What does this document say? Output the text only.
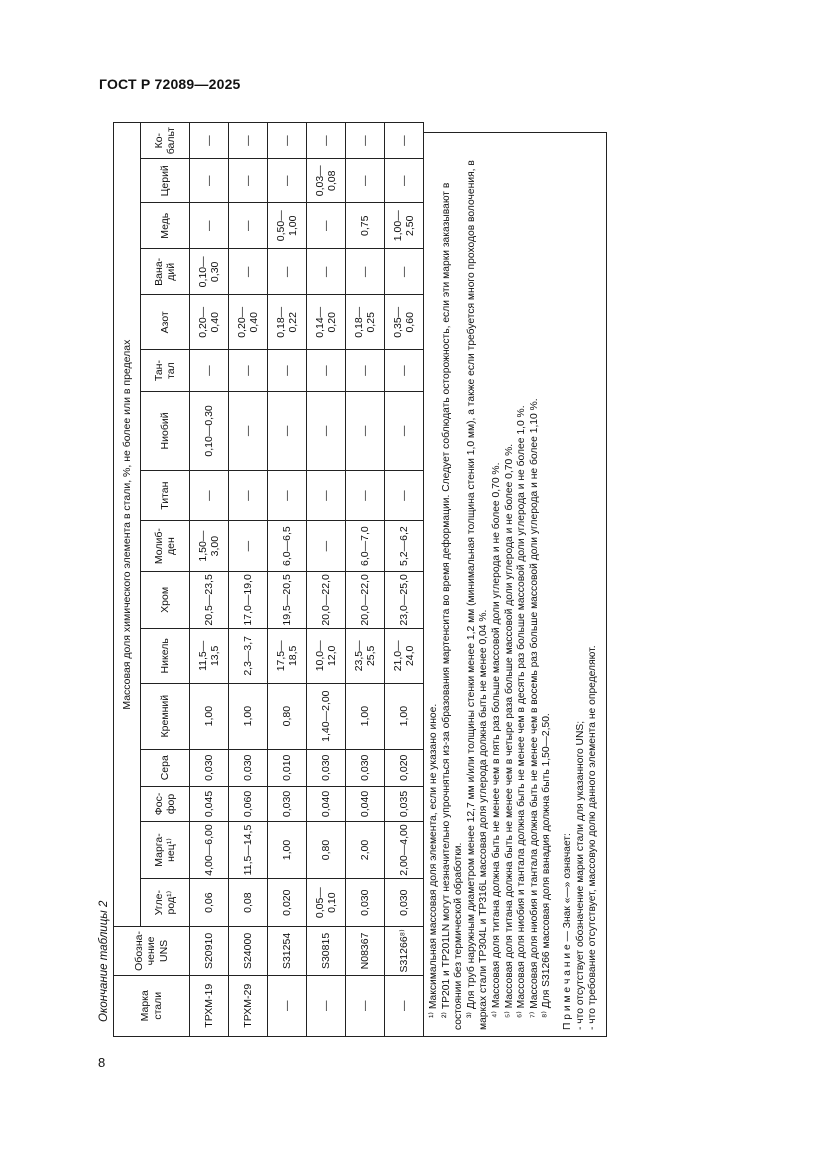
ГОСТ Р 72089—2025
Окончание таблицы 2
8
Марка стали	Обозна-чение UNS	Массовая доля химического элемента в стали, %, не более или в пределах															
		Угле-род¹⁾	Марга-нец¹⁾	Фос-фор	Сера	Кремний	Никель	Хром	Молиб-ден	Титан	Ниобий	Тан-тал	Азот	Вана-дий	Медь	Церий	Ко-бальт
ТРХМ-19	S20910	0,06	4,00—6,00	0,045	0,030	1,00	11,5—13,5	20,5—23,5	1,50—3,00	—	0,10—0,30	—	0,20—0,40	0,10—0,30	—	—	—
ТРХМ-29	S24000	0,08	11,5—14,5	0,060	0,030	1,00	2,3—3,7	17,0—19,0	—	—	—	—	0,20—0,40	—	—	—	—
—	S31254	0,020	1,00	0,030	0,010	0,80	17,5—18,5	19,5—20,5	6,0—6,5	—	—	—	0,18—0,22	—	0,50—1,00	—	—
—	S30815	0,05—0,10	0,80	0,040	0,030	1,40—2,00	10,0—12,0	20,0—22,0	—	—	—	—	0,14—0,20	—	—	0,03—0,08	—
—	N08367	0,030	2,00	0,040	0,030	1,00	23,5—25,5	20,0—22,0	6,0—7,0	—	—	—	0,18—0,25	—	0,75	—	—
—	S31266⁸⁾	0,030	2,00—4,00	0,035	0,020	1,00	21,0—24,0	23,0—25,0	5,2—6,2	—	—	—	0,35—0,60	—	1,00—2,50	—	—

¹⁾ Максимальная массовая доля элемента, если не указано иное. ²⁾ ТР201 и ТР201LN могут незначительно упрочняться из-за образования мартенсита во время деформации. Следует соблюдать осторожность, если эти марки заказывают в состоянии без термической обработки. ³⁾ Для труб наружным диаметром менее 12,7 мм и/или толщины стенки менее 1,2 мм (минимальная толщина стенки 1,0 мм), а также если требуется много проходов волочения, в марках стали ТР304L и ТР316L массовая доля углерода должна быть не менее 0,04 %. ⁴⁾ Массовая доля титана должна быть не менее чем в пять раз больше массовой доли углерода и не более 0,70 %. ⁵⁾ Массовая доля титана должна быть не менее чем в четыре раза больше массовой доли углерода и не более 0,70 %. ⁶⁾ Массовая доля ниобия и тантала должна быть не менее чем в десять раз больше массовой доли углерода и не более 1,0 %. ⁷⁾ Массовая доля ниобия и тантала должна быть не менее чем в восемь раз больше массовой доли углерода и не более 1,10 %. ⁸⁾ Для S31266 массовая доля ванадия должна быть 1,50—2,50. П р и м е ч а н и е — Знак «—» означает: - что отсутствует обозначение марки стали для указанного UNS; - что требование отсутствует, массовую долю данного элемента не определяют.
